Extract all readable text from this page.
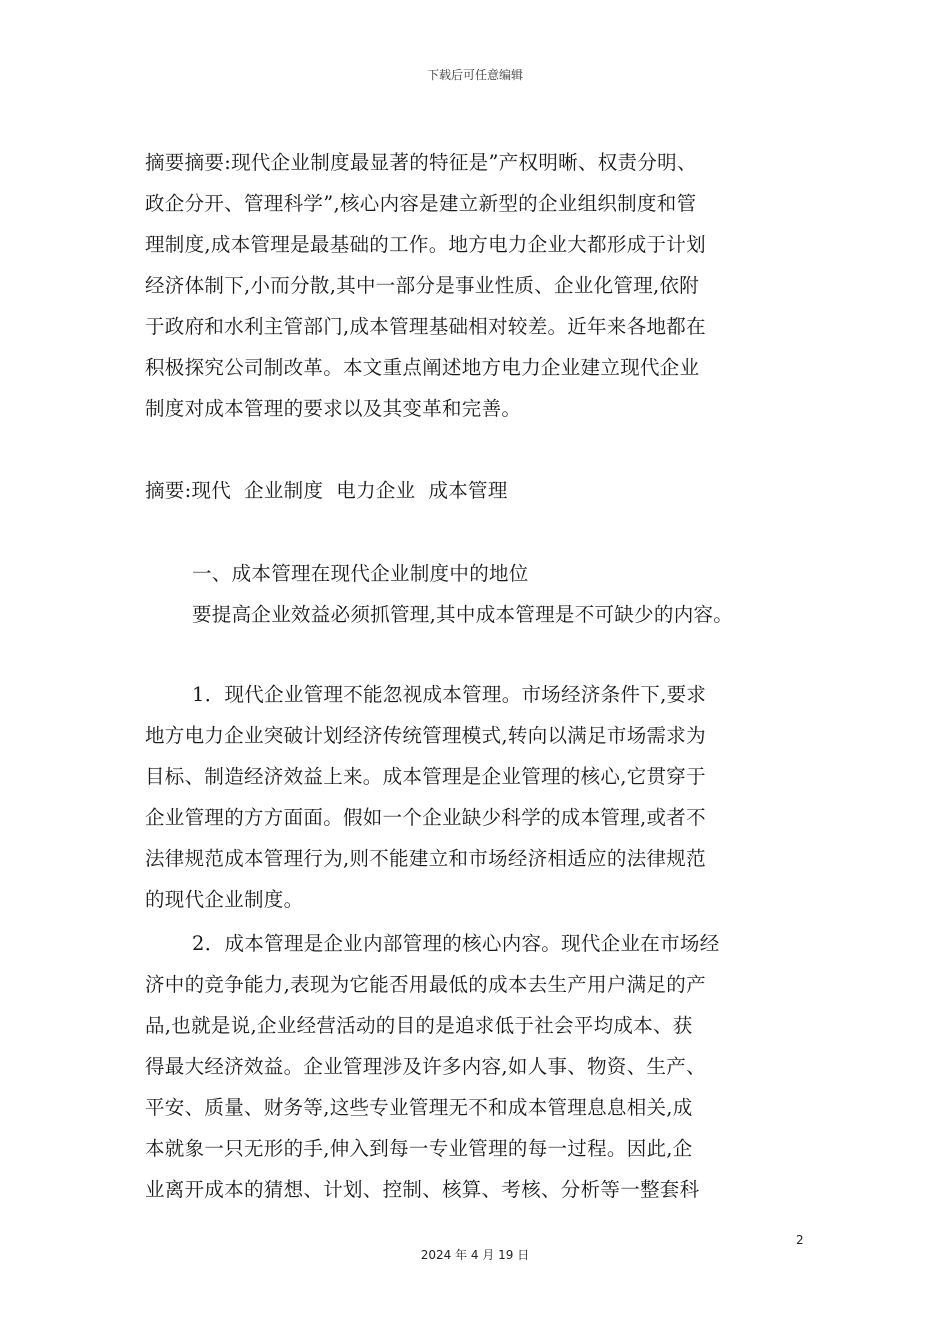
下载后可任意编辑
摘要摘要:现代企业制度最显著的特征是”产权明晰、权责分明、
政企分开、管理科学”,核心内容是建立新型的企业组织制度和管
理制度,成本管理是最基础的工作。地方电力企业大都形成于计划
经济体制下,小而分散,其中一部分是事业性质、企业化管理,依附
于政府和水利主管部门,成本管理基础相对较差。近年来各地都在
积极探究公司制改革。本文重点阐述地方电力企业建立现代企业
制度对成本管理的要求以及其变革和完善。
摘要:现代  企业制度  电力企业  成本管理
一、成本管理在现代企业制度中的地位
要提高企业效益必须抓管理,其中成本管理是不可缺少的内容。
1．现代企业管理不能忽视成本管理。市场经济条件下,要求
地方电力企业突破计划经济传统管理模式,转向以满足市场需求为
目标、制造经济效益上来。成本管理是企业管理的核心,它贯穿于
企业管理的方方面面。假如一个企业缺少科学的成本管理,或者不
法律规范成本管理行为,则不能建立和市场经济相适应的法律规范
的现代企业制度。
2．成本管理是企业内部管理的核心内容。现代企业在市场经
济中的竞争能力,表现为它能否用最低的成本去生产用户满足的产
品,也就是说,企业经营活动的目的是追求低于社会平均成本、获
得最大经济效益。企业管理涉及许多内容,如人事、物资、生产、
平安、质量、财务等,这些专业管理无不和成本管理息息相关,成
本就象一只无形的手,伸入到每一专业管理的每一过程。因此,企
业离开成本的猜想、计划、控制、核算、考核、分析等一整套科
2
2024 年 4 月 19 日
